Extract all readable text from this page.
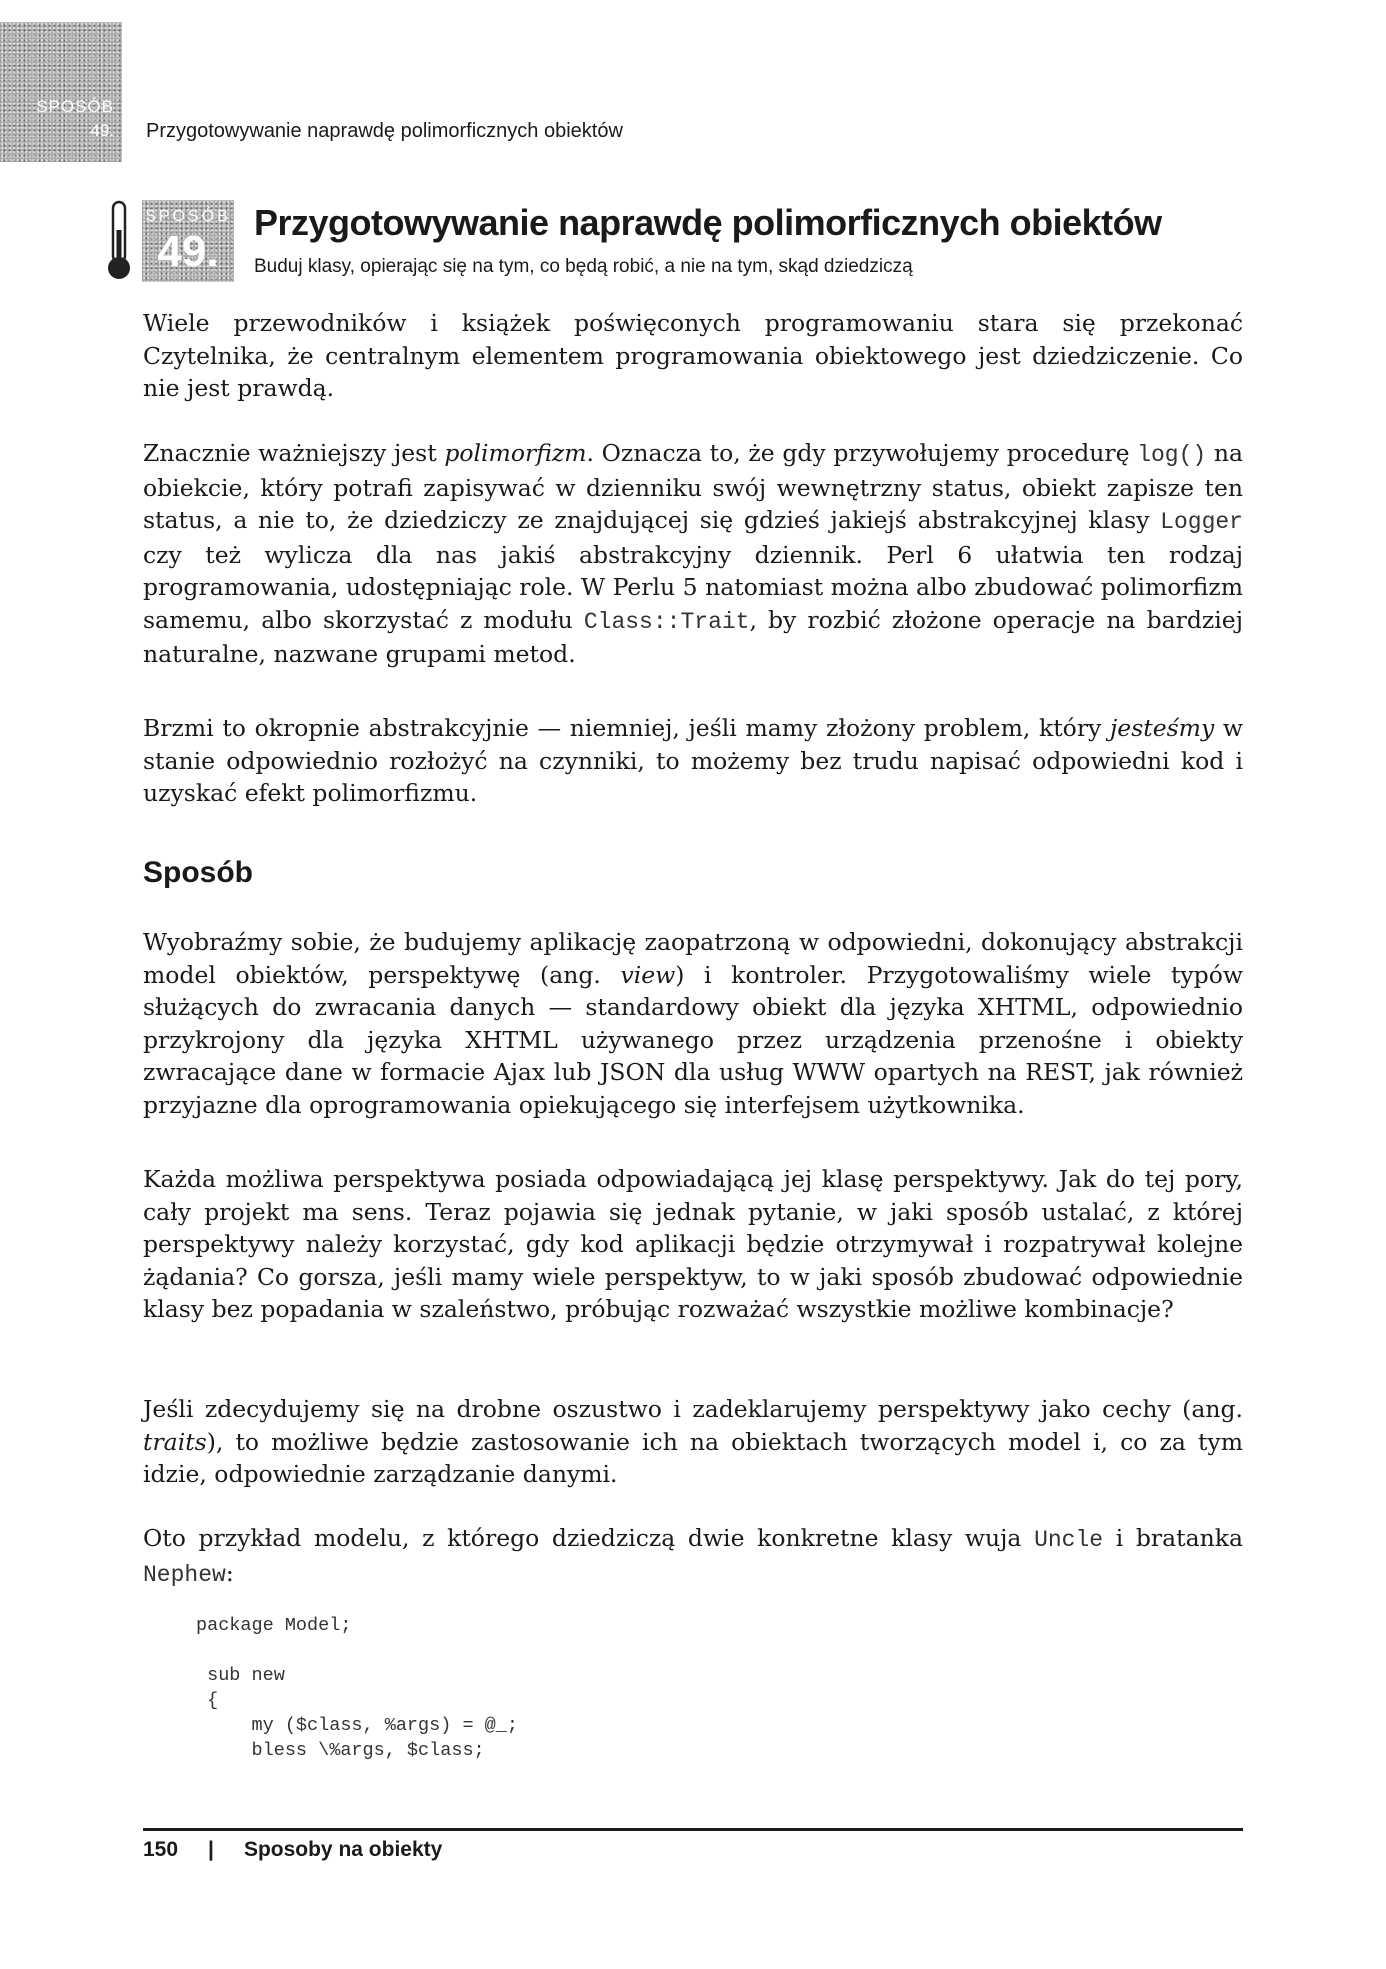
SPOSÓB
49. Przygotowywanie naprawdę polimorficznych obiektów
SPOSÓB
49.
Przygotowywanie naprawdę polimorficznych obiektów
Buduj klasy, opierając się na tym, co będą robić, a nie na tym, skąd dziedziczą

Wiele przewodników i książek poświęconych programowaniu stara się przekonać Czytelnika, że centralnym elementem programowania obiektowego jest dziedziczenie. Co nie jest prawdą.

Znacznie ważniejszy jest polimorfizm. Oznacza to, że gdy przywołujemy procedurę log() na obiekcie, który potrafi zapisywać w dzienniku swój wewnętrzny status, obiekt zapisze ten status, a nie to, że dziedziczy ze znajdującej się gdzieś jakiejś abstrakcyjnej klasy Logger czy też wylicza dla nas jakiś abstrakcyjny dziennik. Perl 6 ułatwia ten rodzaj programowania, udostępniając role. W Perlu 5 natomiast można albo zbudować polimorfizm samemu, albo skorzystać z modułu Class::Trait, by rozbić złożone operacje na bardziej naturalne, nazwane grupami metod.

Brzmi to okropnie abstrakcyjnie — niemniej, jeśli mamy złożony problem, który jesteśmy w stanie odpowiednio rozłożyć na czynniki, to możemy bez trudu napisać odpowiedni kod i uzyskać efekt polimorfizmu.

Sposób

Wyobraźmy sobie, że budujemy aplikację zaopatrzoną w odpowiedni, dokonujący abstrakcji model obiektów, perspektywę (ang. view) i kontroler. Przygotowaliśmy wiele typów służących do zwracania danych — standardowy obiekt dla języka XHTML, odpowiednio przykrojony dla języka XHTML używanego przez urządzenia przenośne i obiekty zwracające dane w formacie Ajax lub JSON dla usług WWW opartych na REST, jak również przyjazne dla oprogramowania opiekującego się interfejsem użytkownika.

Każda możliwa perspektywa posiada odpowiadającą jej klasę perspektywy. Jak do tej pory, cały projekt ma sens. Teraz pojawia się jednak pytanie, w jaki sposób ustalać, z której perspektywy należy korzystać, gdy kod aplikacji będzie otrzymywał i rozpatrywał kolejne żądania? Co gorsza, jeśli mamy wiele perspektyw, to w jaki sposób zbudować odpowiednie klasy bez popadania w szaleństwo, próbując rozważać wszystkie możliwe kombinacje?

Jeśli zdecydujemy się na drobne oszustwo i zadeklarujemy perspektywy jako cechy (ang. traits), to możliwe będzie zastosowanie ich na obiektach tworzących model i, co za tym idzie, odpowiednie zarządzanie danymi.

Oto przykład modelu, z którego dziedziczą dwie konkretne klasy wuja Uncle i bratanka Nephew:

package Model;

sub new
{
my ($class, %args) = @_;
bless \%args, $class;
150 | Sposoby na obiekty
